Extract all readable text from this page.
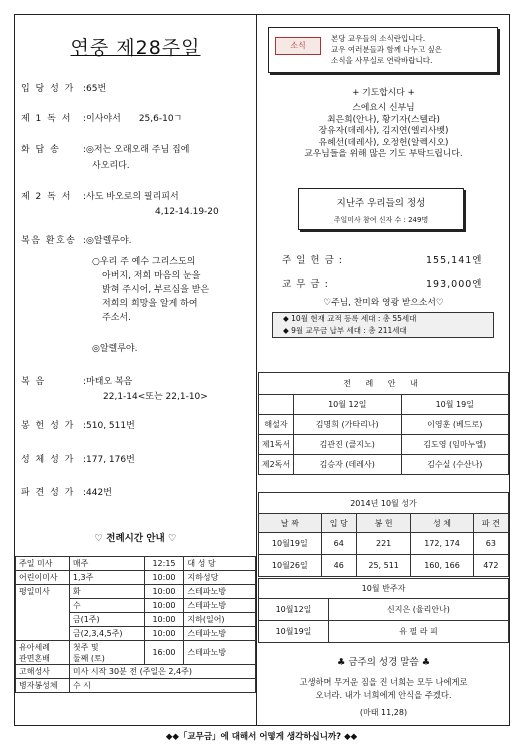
연중 제28주일
입 당 성 가 :65번
제 1 독 서 :이사야서 25,6-10ㄱ
화 답 송	:◎저는 오래오래 주님 집에
사오리다.
제 2 독 서 :사도 바오로의 필리피서
4,12-14.19-20
복음 환호송 :◎알렐루야.
○우리 주 예수 그리스도의
아버지, 저희 마음의 눈을
밝혀 주시어, 부르심을 받은
저희의 희망을 알게 하여
주소서.
◎알렐루야.
복 음	:마태오 복음
22,1-14<또는 22,1-10>
봉 헌 성 가 :510, 511번
성 체 성 가 :177, 176번
파 견 성 가 :442번
♡ 전례시간 안내 ♡
주일 미사	매주	12:15	대 성 당
어린이미사	1,3주	10:00	지하성당
평일미사	화	10:00	스테파노방
	수	10:00	스테파노방
	금(1주)	10:00	지하(일어)
	금(2,3,4,5주)	10:00	스테파노방
유아세례
관면혼배	첫주 및
둘째 (토)	16:00	스테파노방
고해성사	미사 시작 30분 전 (주일은 2,4주)		
병자봉성체	수 시		
소식
본당 교우들의 소식란입니다.
교우 여러분들과 함께 나누고 싶은
소식을 사무실로 연락바랍니다.
+ 기도합시다 +
스에요시 신부님
최은희(안나), 황기자(스텔라)
장유자(데레사), 김지연(엘리사벳)
유혜선(데레사), 오정헌(알렉시오)
교우님들을 위해 많은 기도 부탁드립니다.
지난주 우리들의 정성
주일미사 참여 신자 수 : 249명
주 일 헌 금 :	155,141엔
교 무 금 :	193,000엔
♡주님, 찬미와 영광 받으소서♡
◆ 10월 현재 교적 등록 세대 : 총 55세대
◆ 9월 교무금 납부 세대 : 총 211세대
전 례 안 내		
	10월 12일	10월 19일
해설자	김명희 (가타리나)	이영훈 (베드로)
제1독서	김관진 (클지노)	김도영 (임마누엘)
제2독서	김승자 (데레사)	김수실 (수산나)
2014년 10월 성가				
날 짜	입 당	봉 헌	성 체	파 견
10월19일	64	221	172, 174	63
10월26일	46	25, 511	160, 166	472
10월 반주자	
10월12일	신지은 (율리안나)
10월19일	유 필 라 피
♣ 금주의 성경 말씀 ♣
고생하며 무거운 짐을 진 너희는 모두 나에게로
오너라. 내가 너희에게 안식을 주겠다.
(마태 11,28)
◆◆「교무금」에 대해서 어떻게 생각하십니까? ◆◆
